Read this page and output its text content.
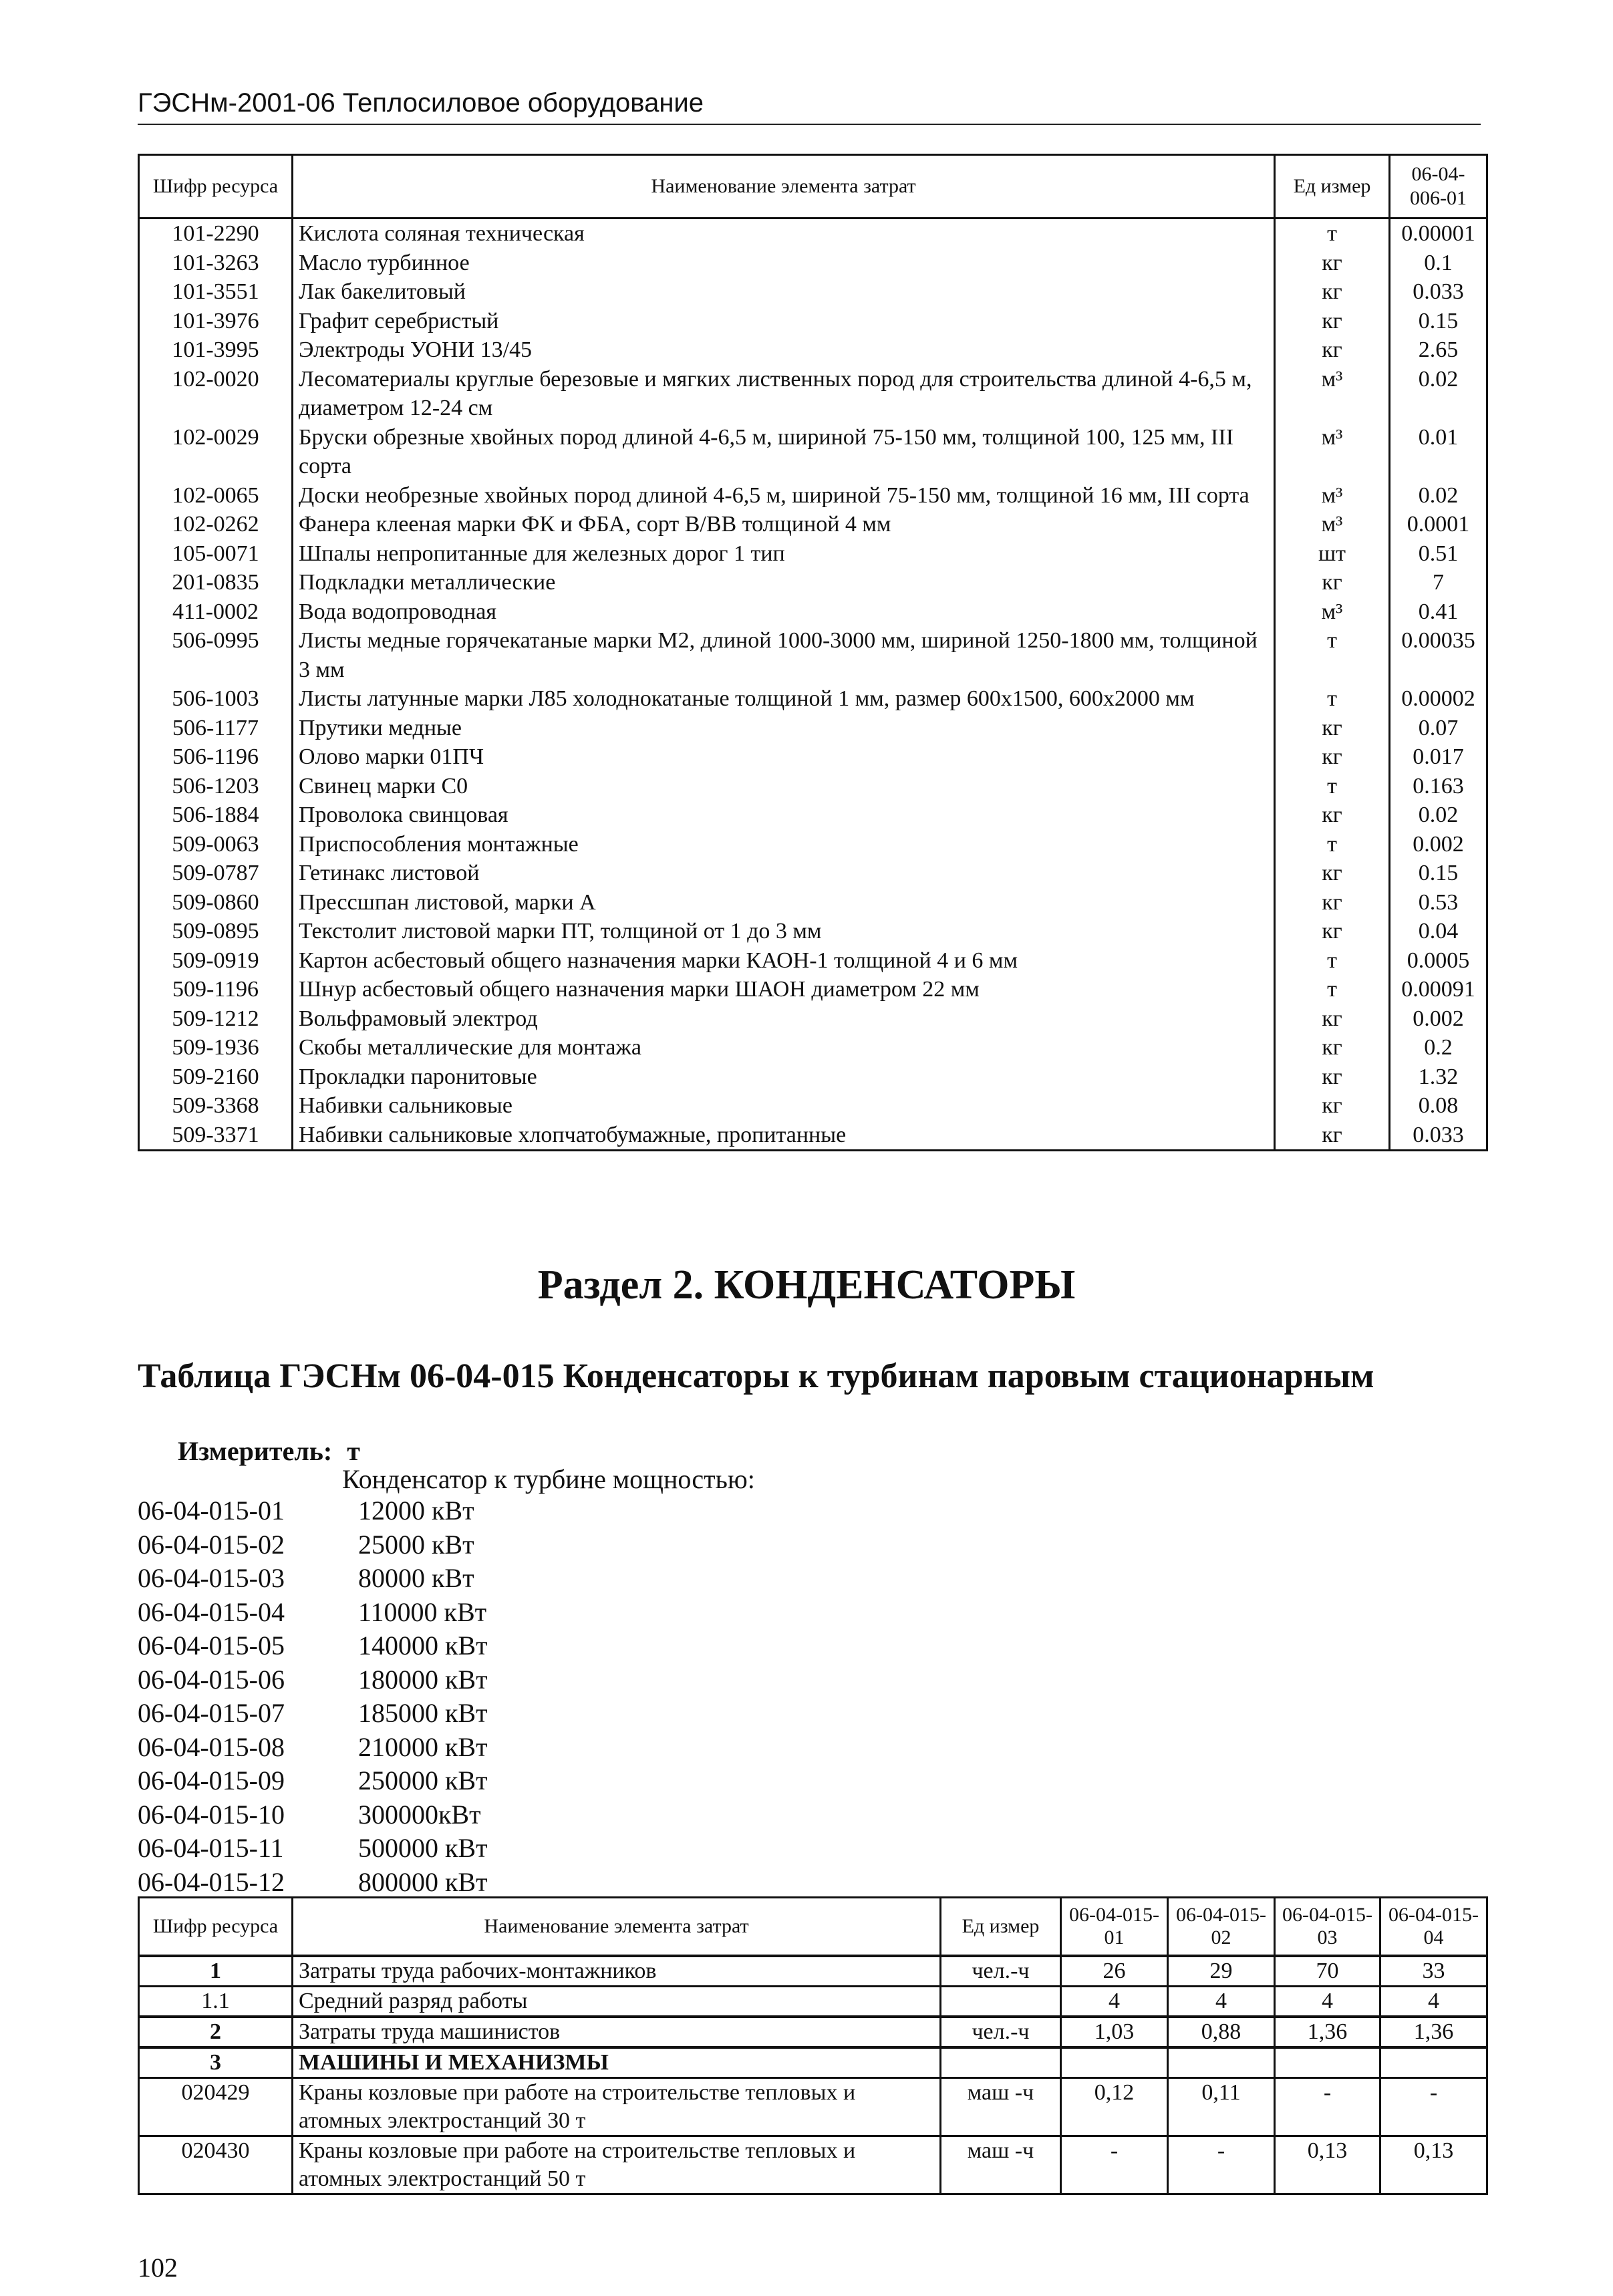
ГЭСНм-2001-06 Теплосиловое оборудование
Шифр ресурса	Наименование элемента затрат	Ед измер	06-04-006-01
101-2290	Кислота соляная техническая	т	0.00001
101-3263	Масло турбинное	кг	0.1
101-3551	Лак бакелитовый	кг	0.033
101-3976	Графит серебристый	кг	0.15
101-3995	Электроды УОНИ 13/45	кг	2.65
102-0020	Лесоматериалы круглые березовые и мягких лиственных пород для строительства длиной 4-6,5 м, диаметром 12-24 см	м³	0.02
102-0029	Бруски обрезные хвойных пород длиной 4-6,5 м, шириной 75-150 мм, толщиной 100, 125 мм, III сорта	м³	0.01
102-0065	Доски необрезные хвойных пород длиной 4-6,5 м, шириной 75-150 мм, толщиной 16 мм, III сорта	м³	0.02
102-0262	Фанера клееная марки ФК и ФБА, сорт В/ВВ толщиной 4 мм	м³	0.0001
105-0071	Шпалы непропитанные для железных дорог 1 тип	шт	0.51
201-0835	Подкладки металлические	кг	7
411-0002	Вода водопроводная	м³	0.41
506-0995	Листы медные горячекатаные марки М2, длиной 1000-3000 мм, шириной 1250-1800 мм, толщиной 3 мм	т	0.00035
506-1003	Листы латунные марки Л85 холоднокатаные толщиной 1 мм, размер 600х1500, 600х2000 мм	т	0.00002
506-1177	Прутики медные	кг	0.07
506-1196	Олово марки 01ПЧ	кг	0.017
506-1203	Свинец марки С0	т	0.163
506-1884	Проволока свинцовая	кг	0.02
509-0063	Приспособления монтажные	т	0.002
509-0787	Гетинакс листовой	кг	0.15
509-0860	Прессшпан листовой, марки А	кг	0.53
509-0895	Текстолит листовой марки ПТ, толщиной от 1 до 3 мм	кг	0.04
509-0919	Картон асбестовый общего назначения марки КАОН-1 толщиной 4 и 6 мм	т	0.0005
509-1196	Шнур асбестовый общего назначения марки ШАОН диаметром 22 мм	т	0.00091
509-1212	Вольфрамовый электрод	кг	0.002
509-1936	Скобы металлические для монтажа	кг	0.2
509-2160	Прокладки паронитовые	кг	1.32
509-3368	Набивки сальниковые	кг	0.08
509-3371	Набивки сальниковые хлопчатобумажные, пропитанные	кг	0.033
Раздел 2. КОНДЕНСАТОРЫ
Таблица ГЭСНм 06-04-015 Конденсаторы к турбинам паровым стационарным
Измеритель: т
Конденсатор к турбине мощностью:
06-04-015-01	12000 кВт
06-04-015-02	25000 кВт
06-04-015-03	80000 кВт
06-04-015-04	110000 кВт
06-04-015-05	140000 кВт
06-04-015-06	180000 кВт
06-04-015-07	185000 кВт
06-04-015-08	210000 кВт
06-04-015-09	250000 кВт
06-04-015-10	300000кВт
06-04-015-11	500000 кВт
06-04-015-12	800000 кВт
Шифр ресурса	Наименование элемента затрат	Ед измер	06-04-015-01	06-04-015-02	06-04-015-03	06-04-015-04
1	Затраты труда рабочих-монтажников	чел.-ч	26	29	70	33
1.1	Средний разряд работы		4	4	4	4
2	Затраты труда машинистов	чел.-ч	1,03	0,88	1,36	1,36
3	МАШИНЫ И МЕХАНИЗМЫ					
020429	Краны козловые при работе на строительстве тепловых и атомных электростанций 30 т	маш -ч	0,12	0,11	-	-
020430	Краны козловые при работе на строительстве тепловых и атомных электростанций 50 т	маш -ч	-	-	0,13	0,13
102
